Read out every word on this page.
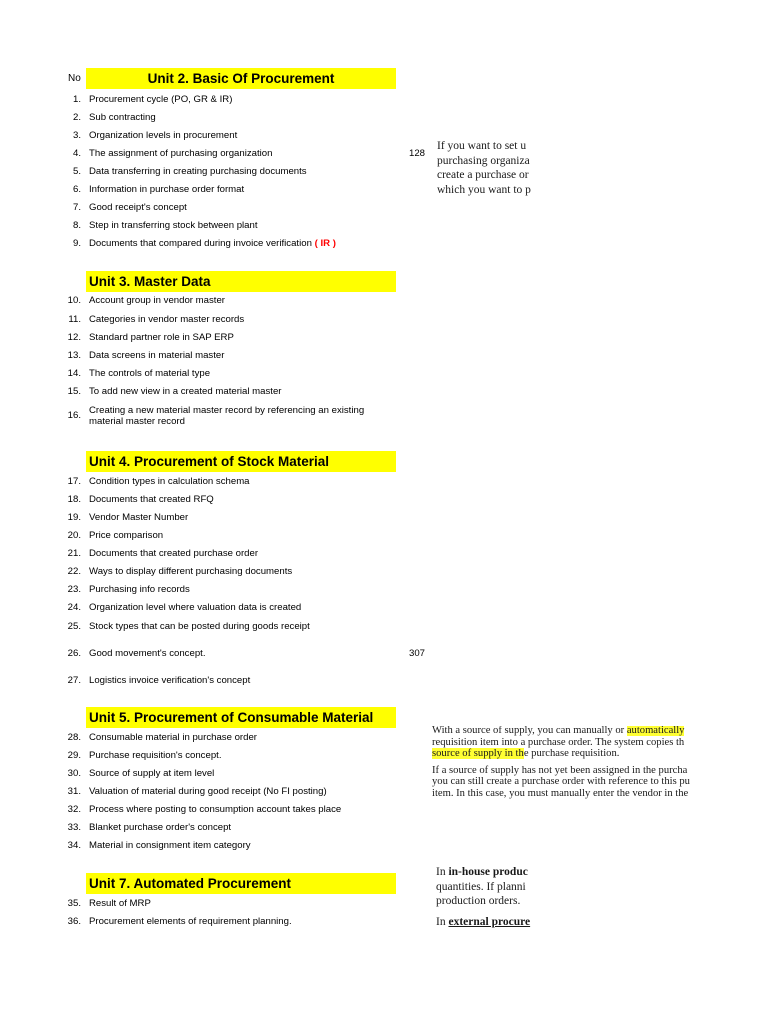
No	Unit 2. Basic Of Procurement
1. Procurement cycle (PO, GR & IR)
2. Sub contracting
3. Organization levels in procurement
4. The assignment of purchasing organization
5. Data transferring in creating purchasing documents
6. Information in purchase order format
7. Good receipt's concept
8. Step in transferring stock between plant
9. Documents that compared during invoice verification ( IR )
Unit 3. Master Data
10. Account group in vendor master
11. Categories in vendor master records
12. Standard partner role in SAP ERP
13. Data screens in material master
14. The controls of material type
15. To add new view in a created material master
16. Creating a new material master record by referencing an existing material master record
Unit 4. Procurement of Stock Material
17. Condition types in calculation schema
18. Documents that created RFQ
19. Vendor Master Number
20. Price comparison
21. Documents that created purchase order
22. Ways to display different purchasing documents
23. Purchasing info records
24. Organization level where valuation data is created
25. Stock types that can be posted during goods receipt
26. Good movement's concept.
27. Logistics invoice verification's concept
Unit 5. Procurement of Consumable Material
28. Consumable material in purchase order
29. Purchase requisition's concept.
30. Source of supply at item level
31. Valuation of material during good receipt (No FI posting)
32. Process where posting to consumption account takes place
33. Blanket purchase order's concept
34. Material in consignment item category
Unit 7. Automated Procurement
35. Result of MRP
36. Procurement elements of requirement planning.
128
307
If you want to set u
purchasing organiza
create a purchase or
which you want to p
With a source of supply, you can manually or automatically
requisition item into a purchase order. The system copies th
source of supply in the purchase requisition.
If a source of supply has not yet been assigned in the purcha
you can still create a purchase order with reference to this pu
item. In this case, you must manually enter the vendor in the
In in-house produc
quantities. If planni
production orders.
In external procure
